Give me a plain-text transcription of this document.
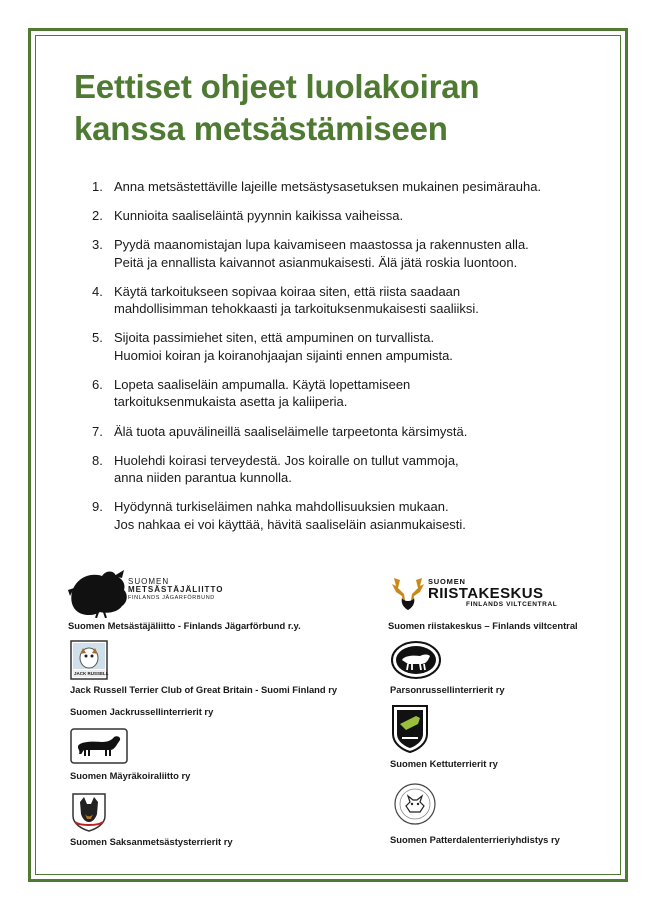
Eettiset ohjeet luolakoiran kanssa metsästämiseen
1. Anna metsästettäville lajeille metsästysasetuksen mukainen pesimärauha.
2. Kunnioita saaliseläintä pyynnin kaikissa vaiheissa.
3. Pyydä maanomistajan lupa kaivamiseen maastossa ja rakennusten alla.
Peitä ja ennallista kaivannot asianmukaisesti. Älä jätä roskia luontoon.
4. Käytä tarkoitukseen sopivaa koiraa siten, että riista saadaan
mahdollisimman tehokkaasti ja tarkoituksenmukaisesti saaliiksi.
5. Sijoita passimiehet siten, että ampuminen on turvallista.
Huomioi koiran ja koiranohjaajan sijainti ennen ampumista.
6. Lopeta saaliseläin ampumalla. Käytä lopettamiseen
tarkoituksenmukaista asetta ja kaliiperia.
7. Älä tuota apuvälineillä saaliseläimelle tarpeetonta kärsimystä.
8. Huolehdi koirasi terveydestä. Jos koiralle on tullut vammoja,
anna niiden parantua kunnolla.
9. Hyödynnä turkiseläimen nahka mahdollisuuksien mukaan.
Jos nahkaa ei voi käyttää, hävitä saaliseläin asianmukaisesti.
SUOMEN
METSÄSTÄJÄLIITTO
FINLANDS JÄGARFÖRBUND
Suomen Metsästäjäliitto - Finlands Jägarförbund r.y.
JACK RUSSELL
Jack Russell Terrier Club of Great Britain - Suomi Finland ry
Suomen Jackrussellinterrierit ry
Suomen Mäyräkoiraliitto ry
Suomen Saksanmetsästysterrierit ry
SUOMEN
RIISTAKESKUS
FINLANDS VILTCENTRAL
Suomen riistakeskus – Finlands viltcentral
Parsonrussellinterrierit ry
Suomen Kettuterrierit ry
Suomen Patterdalenterrieriyhdistys ry
